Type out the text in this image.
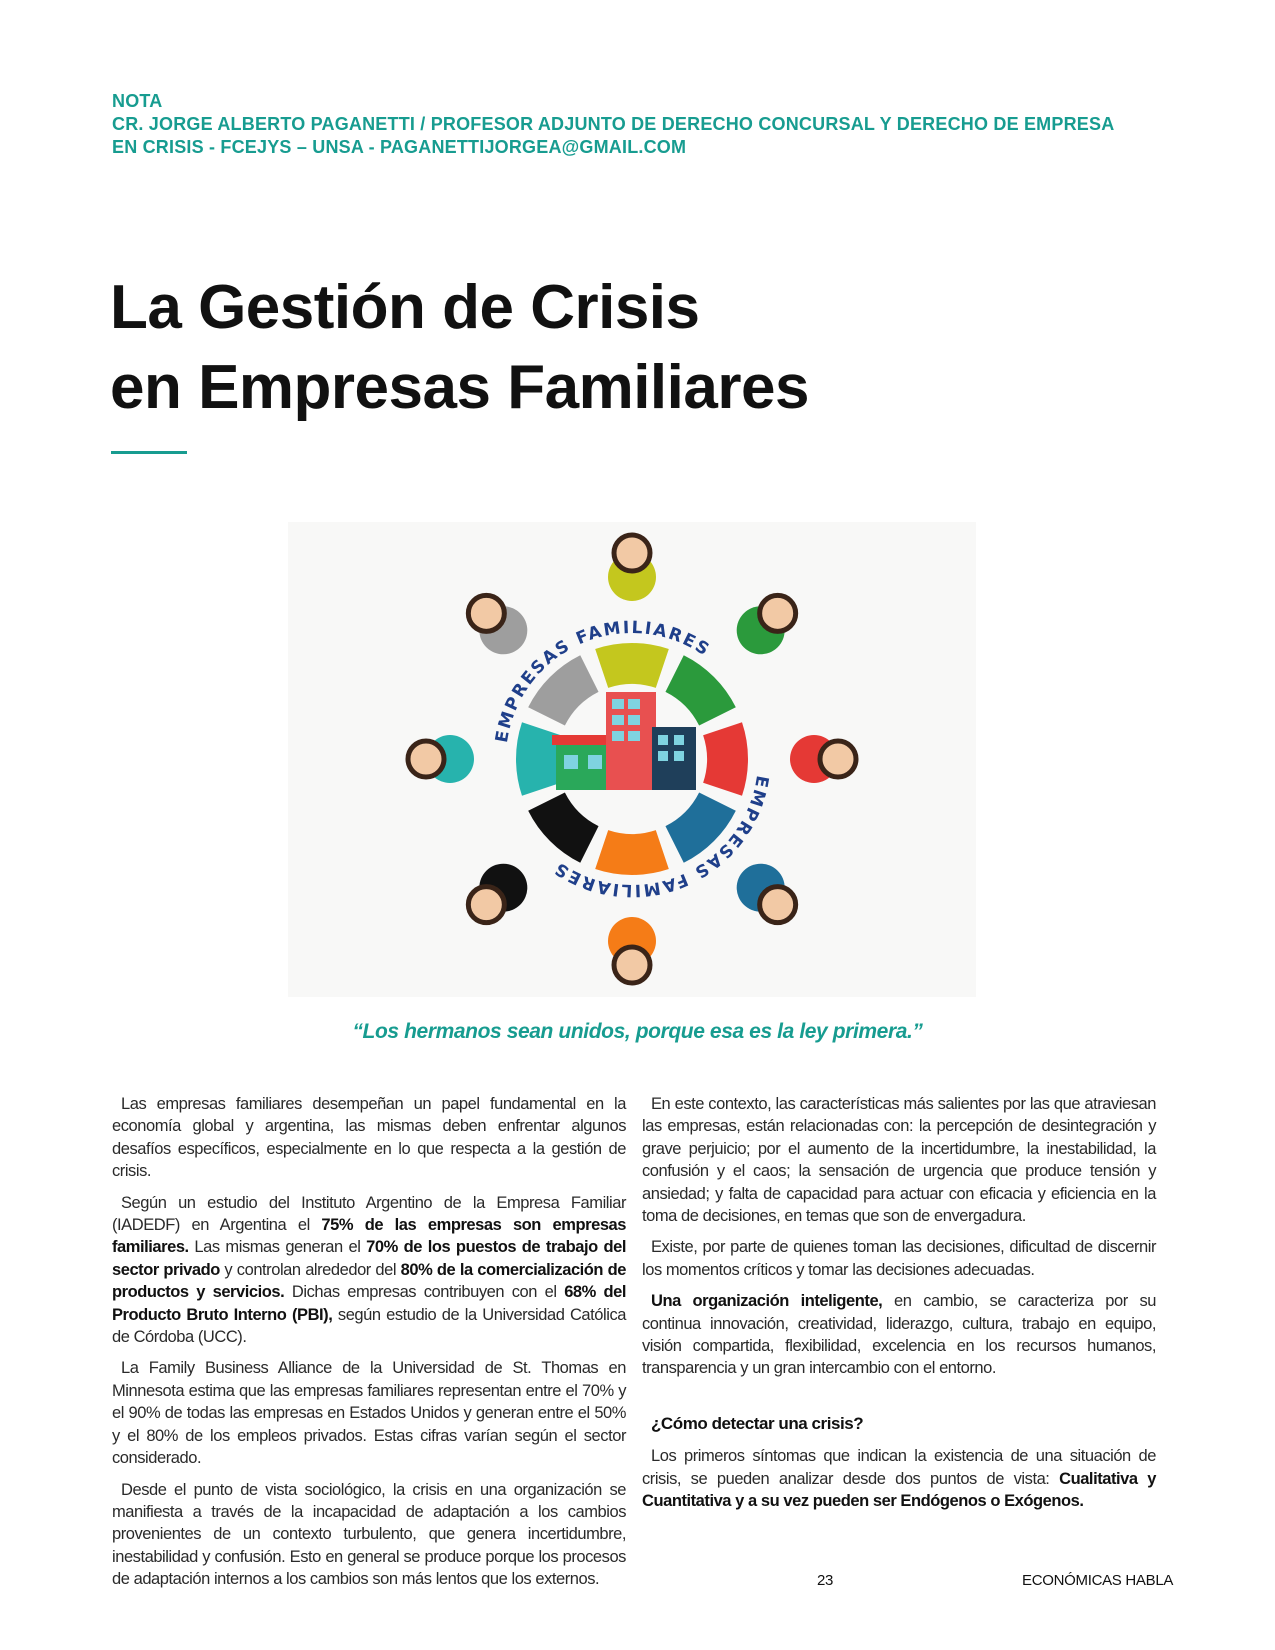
NOTA
CR. JORGE ALBERTO PAGANETTI / PROFESOR ADJUNTO DE DERECHO CONCURSAL Y DERECHO DE EMPRESA
EN CRISIS - FCEJYS – UNSA - PAGANETTIJORGEA@GMAIL.COM
La Gestión de Crisis
en Empresas Familiares
EMPRESAS FAMILIARES
EMPRESAS FAMILIARES
“Los hermanos sean unidos, porque esa es la ley primera.”

Las empresas familiares desempeñan un papel fundamental en la economía global y argentina, las mismas deben enfrentar algunos desafíos específicos, especialmente en lo que respecta a la gestión de crisis.

Según un estudio del Instituto Argentino de la Empresa Familiar (IADEDF) en Argentina el 75% de las empresas son empresas familiares. Las mismas generan el 70% de los puestos de trabajo del sector privado y controlan alrededor del 80% de la comercialización de productos y servicios. Dichas empresas contribuyen con el 68% del Producto Bruto Interno (PBI), según estudio de la Universidad Católica de Córdoba (UCC).

La Family Business Alliance de la Universidad de St. Thomas en Minnesota estima que las empresas familiares representan entre el 70% y el 90% de todas las empresas en Estados Unidos y generan entre el 50% y el 80% de los empleos privados. Estas cifras varían según el sector considerado.

Desde el punto de vista sociológico, la crisis en una organización se manifiesta a través de la incapacidad de adaptación a los cambios provenientes de un contexto turbulento, que genera incertidumbre, inestabilidad y confusión. Esto en general se produce porque los procesos de adaptación internos a los cambios son más lentos que los externos.

En este contexto, las características más salientes por las que atraviesan las empresas, están relacionadas con: la percepción de desintegración y grave perjuicio; por el aumento de la incertidumbre, la inestabilidad, la confusión y el caos; la sensación de urgencia que produce tensión y ansiedad; y falta de capacidad para actuar con eficacia y eficiencia en la toma de decisiones, en temas que son de envergadura.

Existe, por parte de quienes toman las decisiones, dificultad de discernir los momentos críticos y tomar las decisiones adecuadas.

Una organización inteligente, en cambio, se caracteriza por su continua innovación, creatividad, liderazgo, cultura, trabajo en equipo, visión compartida, flexibilidad, excelencia en los recursos humanos, transparencia y un gran intercambio con el entorno.

¿Cómo detectar una crisis?

Los primeros síntomas que indican la existencia de una situación de crisis, se pueden analizar desde dos puntos de vista: Cualitativa y Cuantitativa y a su vez pueden ser Endógenos o Exógenos.

23	ECONÓMICAS HABLA
